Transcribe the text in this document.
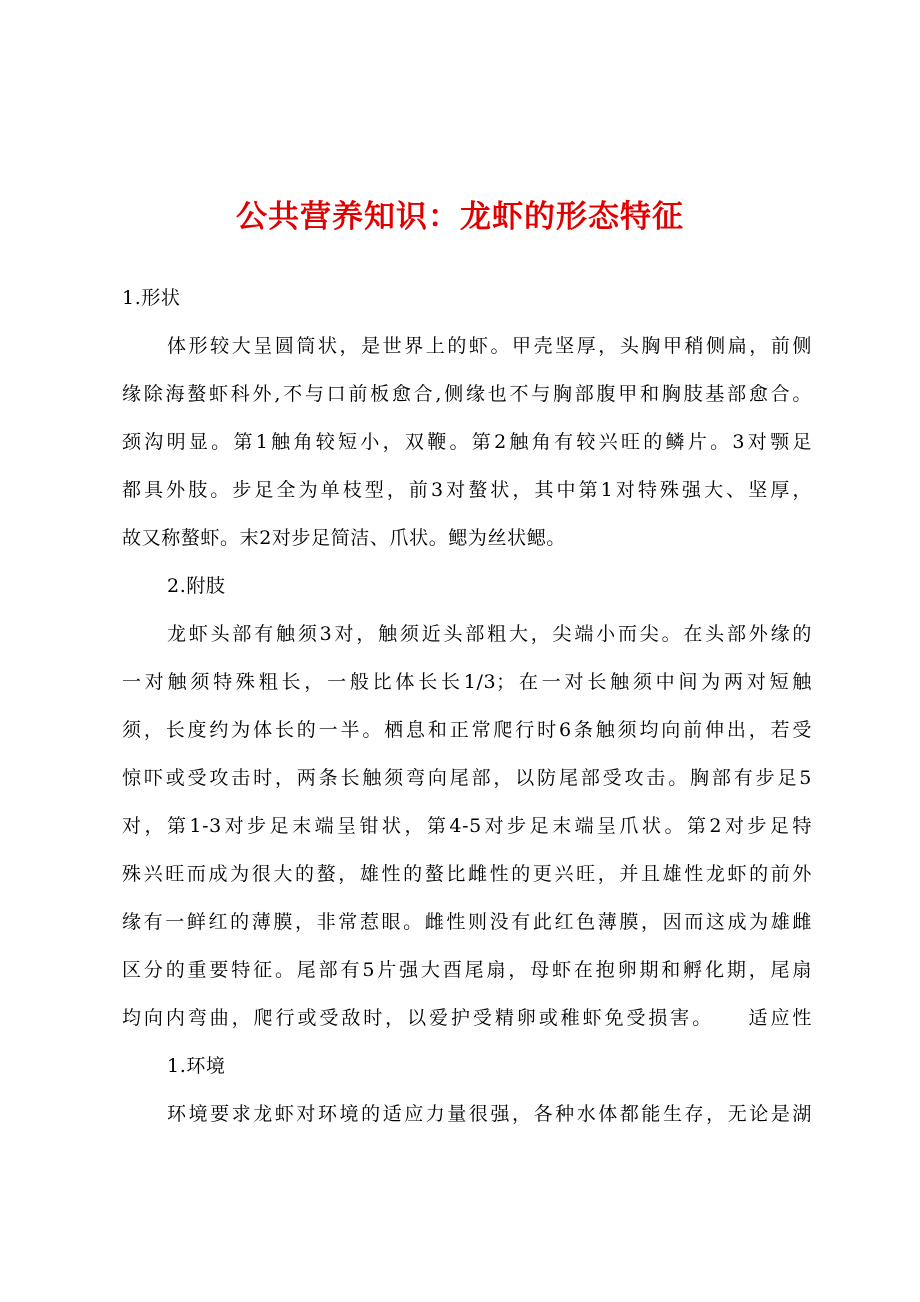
公共营养知识：龙虾的形态特征
1.形状
体形较大呈圆筒状，是世界上的虾。甲壳坚厚，头胸甲稍侧扁，前侧
缘除海螯虾科外,不与口前板愈合,侧缘也不与胸部腹甲和胸肢基部愈合。
颈沟明显。第1触角较短小，双鞭。第2触角有较兴旺的鳞片。3对颚足
都具外肢。步足全为单枝型，前3对螯状，其中第1对特殊强大、坚厚，
故又称螯虾。末2对步足简洁、爪状。鳃为丝状鳃。
2.附肢
龙虾头部有触须3对，触须近头部粗大，尖端小而尖。在头部外缘的
一对触须特殊粗长，一般比体长长1/3；在一对长触须中间为两对短触
须，长度约为体长的一半。栖息和正常爬行时6条触须均向前伸出，若受
惊吓或受攻击时，两条长触须弯向尾部，以防尾部受攻击。胸部有步足5
对，第1-3对步足末端呈钳状，第4-5对步足末端呈爪状。第2对步足特
殊兴旺而成为很大的螯，雄性的螯比雌性的更兴旺，并且雄性龙虾的前外
缘有一鲜红的薄膜，非常惹眼。雌性则没有此红色薄膜，因而这成为雄雌
区分的重要特征。尾部有5片强大酉尾扇，母虾在抱卵期和孵化期，尾扇
均向内弯曲，爬行或受敌时，以爱护受精卵或稚虾免受损害。　　适应性
1.环境
环境要求龙虾对环境的适应力量很强，各种水体都能生存，无论是湖
